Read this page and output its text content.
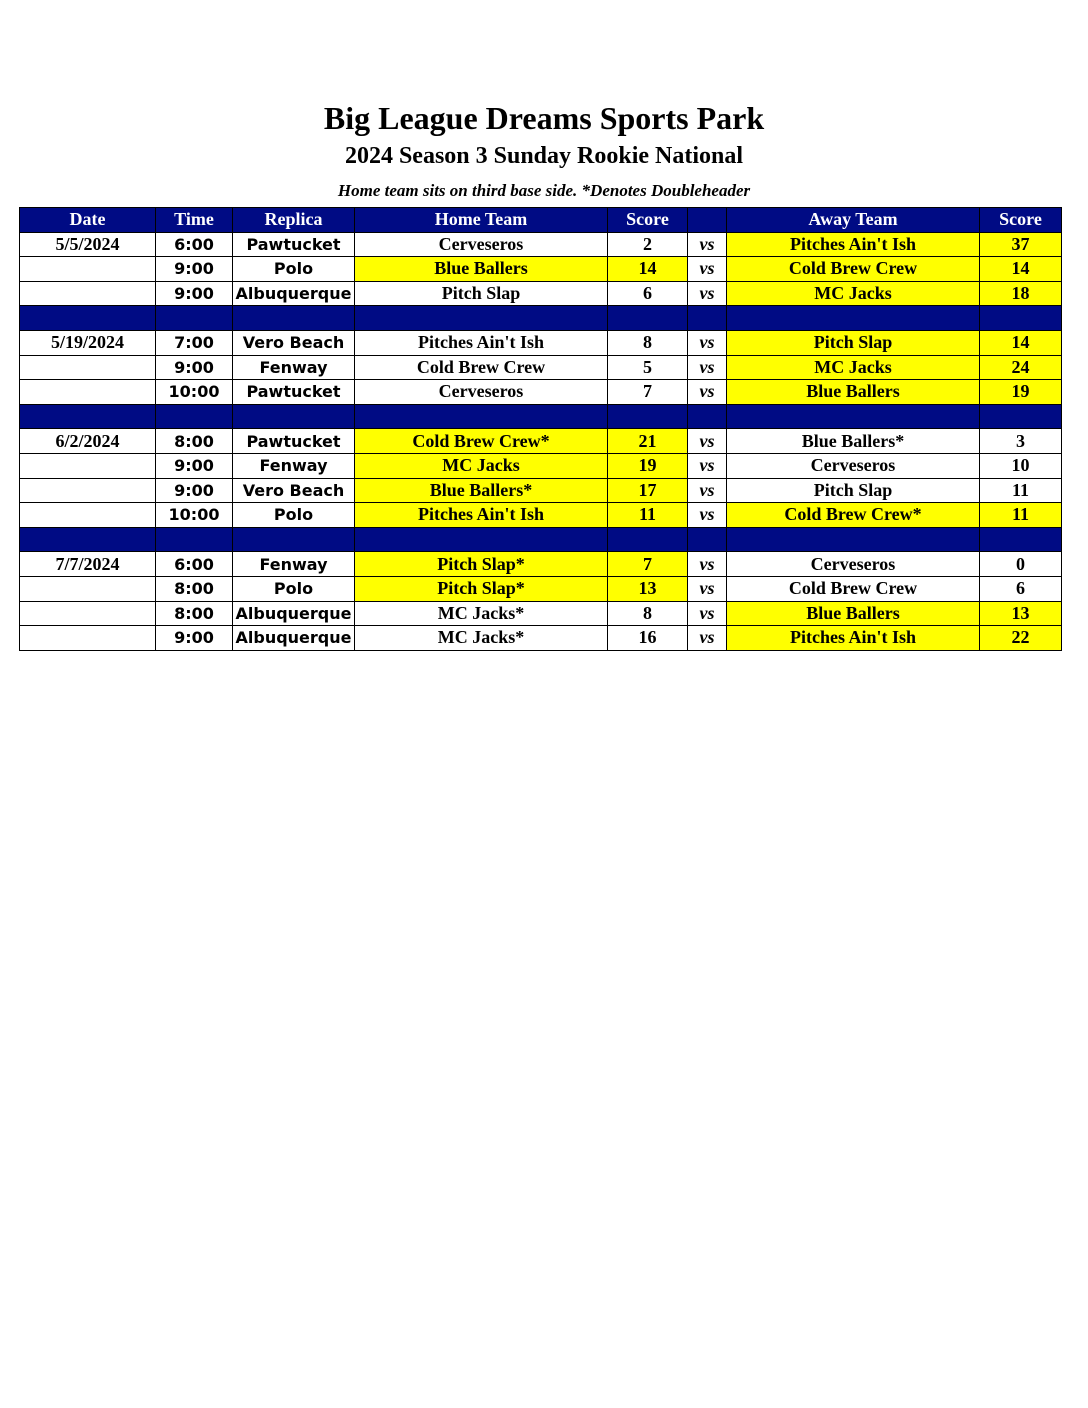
Big League Dreams Sports Park
2024 Season 3 Sunday Rookie National
Home team sits on third base side. *Denotes Doubleheader
Date	Time	Replica	Home Team	Score		Away Team	Score
5/5/2024	6:00	Pawtucket	Cerveseros	2	vs	Pitches Ain't Ish	37
	9:00	Polo	Blue Ballers	14	vs	Cold Brew Crew	14
	9:00	Albuquerque	Pitch Slap	6	vs	MC Jacks	18

5/19/2024	7:00	Vero Beach	Pitches Ain't Ish	8	vs	Pitch Slap	14
	9:00	Fenway	Cold Brew Crew	5	vs	MC Jacks	24
	10:00	Pawtucket	Cerveseros	7	vs	Blue Ballers	19

6/2/2024	8:00	Pawtucket	Cold Brew Crew*	21	vs	Blue Ballers*	3
	9:00	Fenway	MC Jacks	19	vs	Cerveseros	10
	9:00	Vero Beach	Blue Ballers*	17	vs	Pitch Slap	11
	10:00	Polo	Pitches Ain't Ish	11	vs	Cold Brew Crew*	11

7/7/2024	6:00	Fenway	Pitch Slap*	7	vs	Cerveseros	0
	8:00	Polo	Pitch Slap*	13	vs	Cold Brew Crew	6
	8:00	Albuquerque	MC Jacks*	8	vs	Blue Ballers	13
	9:00	Albuquerque	MC Jacks*	16	vs	Pitches Ain't Ish	22
